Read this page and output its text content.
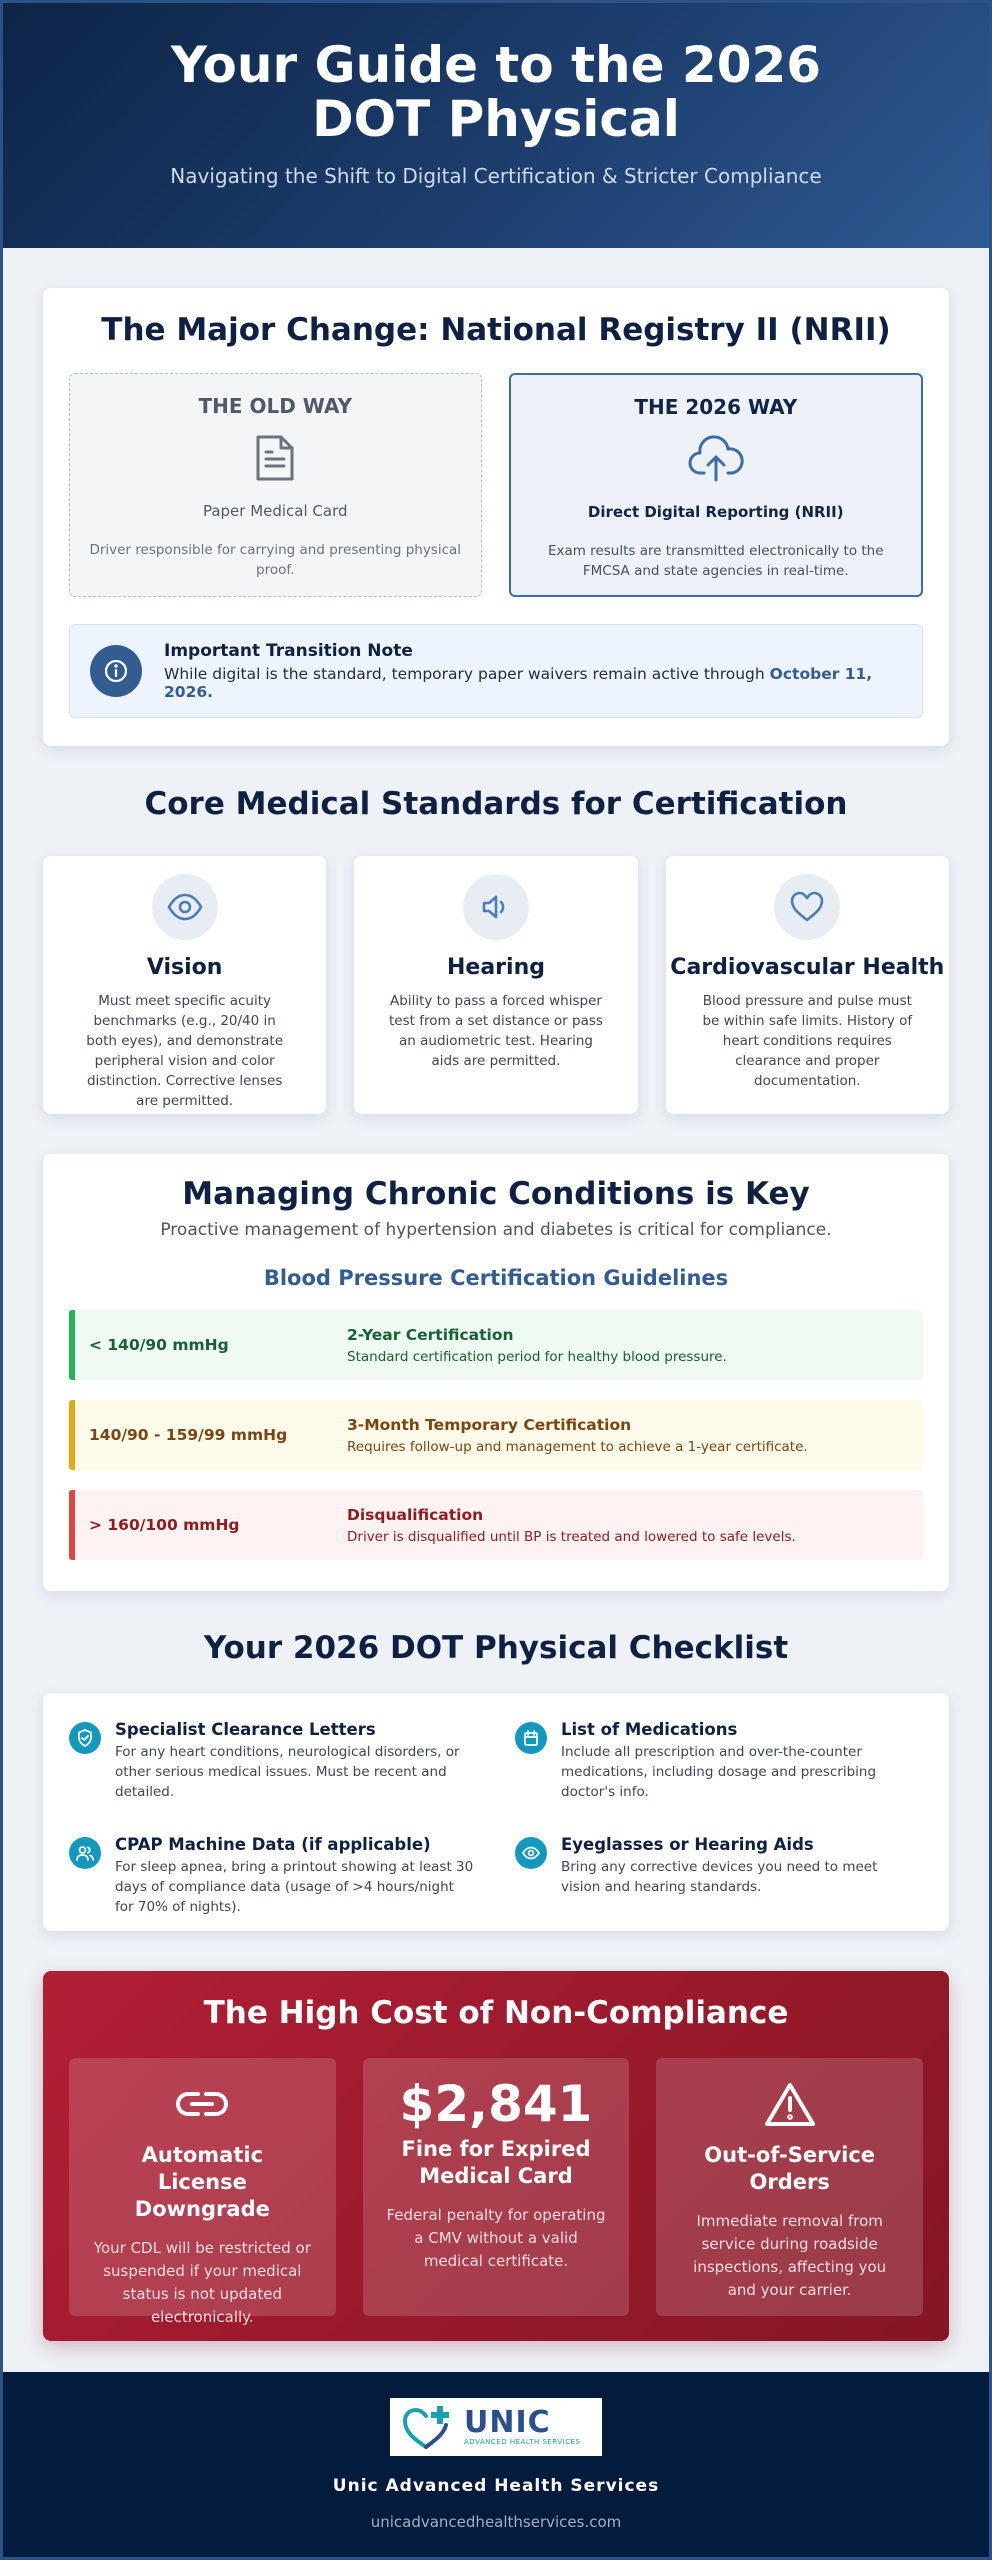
Your Guide to the 2026 DOT Physical

Navigating the Shift to Digital Certification & Stricter Compliance

The Major Change: National Registry II (NRII)
THE OLD WAY
Paper Medical Card
Driver responsible for carrying and presenting physical proof.
THE 2026 WAY
Direct Digital Reporting (NRII)
Exam results are transmitted electronically to the FMCSA and state agencies in real-time.
Important Transition Note

While digital is the standard, temporary paper waivers remain active through October 11, 2026.

Core Medical Standards for Certification
Vision

Must meet specific acuity benchmarks (e.g., 20/40 in both eyes), and demonstrate peripheral vision and color distinction. Corrective lenses are permitted.

Hearing

Ability to pass a forced whisper test from a set distance or pass an audiometric test. Hearing aids are permitted.

Cardiovascular Health

Blood pressure and pulse must be within safe limits. History of heart conditions requires clearance and proper documentation.

Managing Chronic Conditions is Key
Proactive management of hypertension and diabetes is critical for compliance.
Blood Pressure Certification Guidelines
< 140/90 mmHg
2-Year Certification

Standard certification period for healthy blood pressure.

140/90 - 159/99 mmHg
3-Month Temporary Certification

Requires follow-up and management to achieve a 1-year certificate.

> 160/100 mmHg
Disqualification

Driver is disqualified until BP is treated and lowered to safe levels.

Your 2026 DOT Physical Checklist
Specialist Clearance Letters

For any heart conditions, neurological disorders, or other serious medical issues. Must be recent and detailed.

List of Medications

Include all prescription and over-the-counter medications, including dosage and prescribing doctor's info.

CPAP Machine Data (if applicable)

For sleep apnea, bring a printout showing at least 30 days of compliance data (usage of >4 hours/night for 70% of nights).

Eyeglasses or Hearing Aids

Bring any corrective devices you need to meet vision and hearing standards.

The High Cost of Non-Compliance
Automatic License Downgrade

Your CDL will be restricted or suspended if your medical status is not updated electronically.

$2,841
Fine for Expired Medical Card

Federal penalty for operating a CMV without a valid medical certificate.

Out-of-Service Orders

Immediate removal from service during roadside inspections, affecting you and your carrier.

UNIC
ADVANCED HEALTH SERVICES
Unic Advanced Health Services

unicadvancedhealthservices.com
